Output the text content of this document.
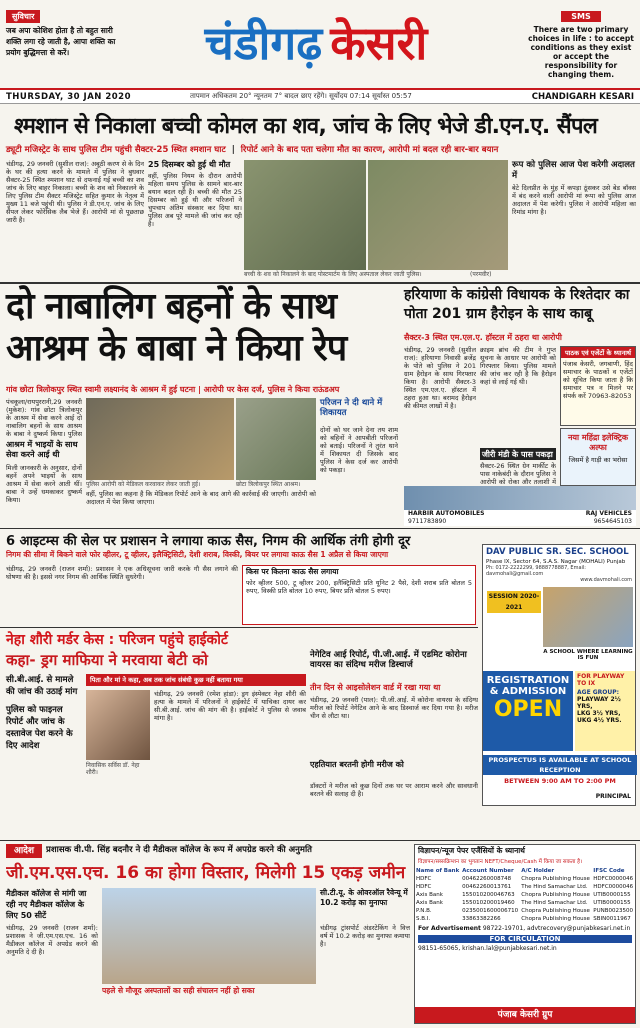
सुविचार
जब अपा कोशिश होता है तो बहुत सारी शक्ति लगा रहे जाती है, आपा शक्ति का प्रयोग बुद्धिमत्ता से करें।	चंडीगढ़ केसरी	SMS
There are two primary choices in life : to accept conditions as they exist or accept the responsibility for changing them.
THURSDAY, 30 JAN 2020	तापमान अधिकतम 20° न्यूनतम 7° बादल छाए रहेंगे। सूर्योदय 07:14 सूर्यास्त 05:57	CHANDIGARH KESARI
श्मशान से निकाला बच्ची कोमल का शव, जांच के लिए भेजे डी.एन.ए. सैंपल
ड्यूटी मजिस्ट्रेट के साथ पुलिस टीम पहुंची सैक्टर-25 स्थित श्मशान घाट  |  रिपोर्ट आने के बाद पता चलेगा मौत का कारण, आरोपी मां बदल रही बार-बार बयान
चंडीगढ़, 29 जनवरी (सुशील राज): अबूठी करण से के दिन के घर की हत्या करने के मामले में पुलिस ने बुधवार सैक्टर-25 स्थित श्मशान घाट से दफनाई गई बच्ची का शव जांच के लिए बाहर निकाला। बच्ची के शव को निकालने के लिए पुलिस टीम सैक्टर मजिस्ट्रेट सहित कुमार के नेतृत्व में मुख्य 11 बजे पहुंची थी। पुलिस ने डी.एन.ए. जांच के लिए सैंपल लेकर फोरेंसिक लैब भेजे हैं। आरोपी मां से पूछताछ जारी है।
25 दिसम्बर को हुई थी मौत
वहीं, पुलिस नियम के दौरान आरोपी महिला समय पुलिस के सामने बार-बार बयान बदल रही है। बच्ची की मौत 25 दिसम्बर को हुई थी और परिजनों ने चुपचाप अंतिम संस्कार कर दिया था। पुलिस अब पूरे मामले की जांच कर रही है।
बच्ची के शव को निकालने के बाद पोस्टमार्टम के लिए अस्पताल लेकर जाती पुलिस।	(परमवीर)
रूप को पुलिस आज पेश करेगी अदालत में
बेटे दिलप्रीत के मुंह में कपड़ा ठूंसकर उसे बेड बॉक्स में बंद करने वाली आरोपी मां रूपा को पुलिस आज अदालत में पेश करेगी। पुलिस ने आरोपी महिला का रिमांड मांगा है।
दो नाबालिग बहनों के साथ आश्रम के बाबा ने किया रेप
हरियाणा के कांग्रेसी विधायक के रिश्तेदार का पोता 201 ग्राम हैरोइन के साथ काबू
सैक्टर-3 स्थित एम.एल.ए. हॉस्टल में ठहरा था आरोपी
गांव छोटा त्रिलोकपुर स्थित स्वामी लक्ष्यानंद के आश्रम में हुई घटना | आरोपी पर केस दर्ज, पुलिस ने किया राऊंडअप
पंचकूला/रायपुररानी,29 जनवरी (मुकेश): गांव छोटा त्रिलोकपुर के आश्रम में सेवा करने आई दो नाबालिग बहनों के साथ आश्रम के बाबा ने दुष्कर्म किया। पुलिस
आश्रम में भाइयों के साथ सेवा करने आई थी
मिली जानकारी के अनुसार, दोनों बहनें अपने भाइयों के साथ आश्रम में सेवा करने आती थीं। बाबा ने उन्हें धमकाकर दुष्कर्म किया।
पुलिस आरोपी को मेडिकल करवाकर लेकर जाती हुई।	छोटा त्रिलोकपुर स्थित आश्रम।
वहीं, पुलिस का कहना है कि मेडिकल रिपोर्ट आने के बाद आगे की कार्रवाई की जाएगी। आरोपी को अदालत में पेश किया जाएगा।
परिजन ने दी थाने में शिकायत
दोनों को घर जाने देना तय शाम को बहिनों ने आपबीती परिजनों को बताई। परिजनों ने तुरंत थाने में शिकायत दी जिसके बाद पुलिस ने केस दर्ज कर आरोपी को पकड़ा।
चंडीगढ़, 29 जनवरी (सुशील राज): हरियाणा निवासी ब्रजेंद्र के पोते को पुलिस ने 201 ग्राम हैरोइन के साथ गिरफ्तार किया है। आरोपी सैक्टर-3 स्थित एम.एल.ए. हॉस्टल में ठहरा हुआ था। बरामद हैरोइन की कीमत लाखों में है।
क्राइम ब्रांच की टीम ने गुप्त सूचना के आधार पर आरोपी को गिरफ्तार किया। पुलिस मामले की जांच कर रही है कि हैरोइन कहां से लाई गई थी।
जीरी मंडी के पास पकड़ा
सैक्टर-26 स्थित ग्रेन मार्कीट के पास नाकेबंदी के दौरान पुलिस ने आरोपी को रोका और तलाशी में
पाठक एवं एजेंटों के ध्यानार्थ
पंजाब केसरी, जगबाणी, हिंद समाचार के पाठकों व एजेंटों को सूचित किया जाता है कि समाचार पत्र न मिलने पर संपर्क करें 70963-82053
नया महिंद्रा इलेक्ट्रिक अल्फा
जिसमें है गाड़ी का भरोसा
HARBIR AUTOMOBILES
9711783890
RAJ VEHICLES
9654645103
6 आइटम्स की सेल पर प्रशासन ने लगाया काऊ सैस, निगम की आर्थिक तंगी होगी दूर
निगम की सीमा में बिकने वाले फोर व्हीलर, टू व्हीलर, इलैक्ट्रिसिटी, देशी शराब, विस्की, बियर पर लगाया काऊ सैस 1 अप्रैल से किया जाएगा
चंडीगढ़, 29 जनवरी (राजन शर्मा): प्रशासन ने एक अधिसूचना जारी करके गौ सैस लगाने की घोषणा की है। इससे नगर निगम की आर्थिक स्थिति सुधरेगी।
किस पर कितना काऊ सैस लगाया
फोर व्हीलर 500, टू व्हीलर 200, इलैक्ट्रिसिटी प्रति यूनिट 2 पैसे, देशी शराब प्रति बोतल 5 रुपए, विस्की प्रति बोतल 10 रुपए, बियर प्रति बोतल 5 रुपए।
DAV PUBLIC SR. SEC. SCHOOL
Phase IX, Sector 64, S.A.S. Nagar (MOHALI) Punjab
Ph: 0172-2222299, 9888778887, Email: davmohali@gmail.com
www.davmohali.com
SESSION 2020-2021
A SCHOOL WHERE LEARNING IS FUN
REGISTRATION
& ADMISSION
OPEN
FOR PLAYWAY TO IX
AGE GROUP:
PLAYWAY 2½ YRS,
LKG 3½ YRS,
UKG 4½ YRS.
PROSPECTUS IS AVAILABLE AT SCHOOL RECEPTION
BETWEEN 9:00 AM TO 2:00 PM
PRINCIPAL
नेहा शौरी मर्डर केस : परिजन पहुंचे हाईकोर्ट
कहा- ड्रग माफिया ने मरवाया बेटी को
सी.बी.आई. से मामले की जांच की उठाई मांग
पुलिस को फाइनल रिपोर्ट और जांच के दस्तावेज पेश करने के दिए आदेश
पिता और मां ने कहा, अब तक जांच संबंधी कुछ नहीं बताया गया
निवासिक सर्विस डॉ. नेहा शौरी।
चंडीगढ़, 29 जनवरी (रमेश हांडा): ड्रग इंस्पेक्टर नेहा शौरी की हत्या के मामले में परिजनों ने हाईकोर्ट में याचिका दायर कर सी.बी.आई. जांच की मांग की है। हाईकोर्ट ने पुलिस से जवाब मांगा है।
नेगेटिव आई रिपोर्ट, पी.जी.आई. में एडमिट कोरोना वायरस का संदिग्ध मरीज डिस्चार्ज
तीन दिन से आइसोलेशन वार्ड में रखा गया था
चंडीगढ़, 29 जनवरी (पाल): पी.जी.आई. में कोरोना वायरस के संदिग्ध मरीज को रिपोर्ट नेगेटिव आने के बाद डिस्चार्ज कर दिया गया है। मरीज चीन से लौटा था।
एहतियात बरतनी होगी मरीज को
डॉक्टरों ने मरीज को कुछ दिनों तक घर पर आराम करने और सावधानी बरतने की सलाह दी है।
आदेश	प्रशासक वी.पी. सिंह बदनौर ने दी मैडीकल कॉलेज के रूप में अपग्रेड करने की अनुमति
जी.एम.एस.एच. 16 का होगा विस्तार, मिलेगी 15 एकड़ जमीन
मैडीकल कॉलेज से मांगी जा रही नए मैडीकल कॉलेज के लिए 50 सीटें
चंडीगढ़, 29 जनवरी (राजन शर्मा): प्रशासक ने जी.एम.एस.एच. 16 को मैडीकल कॉलेज में अपग्रेड करने की अनुमति दे दी है।
पहले से मौजूद अस्पतालों का सही संचालन नहीं हो सका
सी.टी.यू. के ओवरऑल रैवेन्यू में 10.2 करोड़ का मुनाफा
चंडीगढ़ ट्रांसपोर्ट अंडरटेकिंग ने वित्त वर्ष में 10.2 करोड़ का मुनाफा कमाया है।
विज्ञापन/न्यूज पेपर एजैंसियों के ध्यानार्थ
विज्ञापन/सब्सक्रिप्शन का भुगतान NEFT/Cheque/Cash में किया जा सकता है।
Name of Bank	Account Number	A/C Holder	IFSC Code
HDFC	00462260008748	Chopra Publishing House	HDFC0000046
HDFC	00462260013761	The Hind Samachar Ltd.	HDFC0000046
Axis Bank	155010200046763	Chopra Publishing House	UTIB0000155
Axis Bank	155010200019460	The Hind Samachar Ltd.	UTIB0000155
P.N.B.	0235001600006710	Chopra Publishing House	PUNB0023500
S.B.I.	33863382266	Chopra Publishing House	SBIN0011967
For Advertisement 98722-19701, advtrecovery@punjabkesari.net.in
FOR CIRCULATION
98151-65065, krishan.lal@punjabkesari.net.in
पंजाब केसरी ग्रुप
